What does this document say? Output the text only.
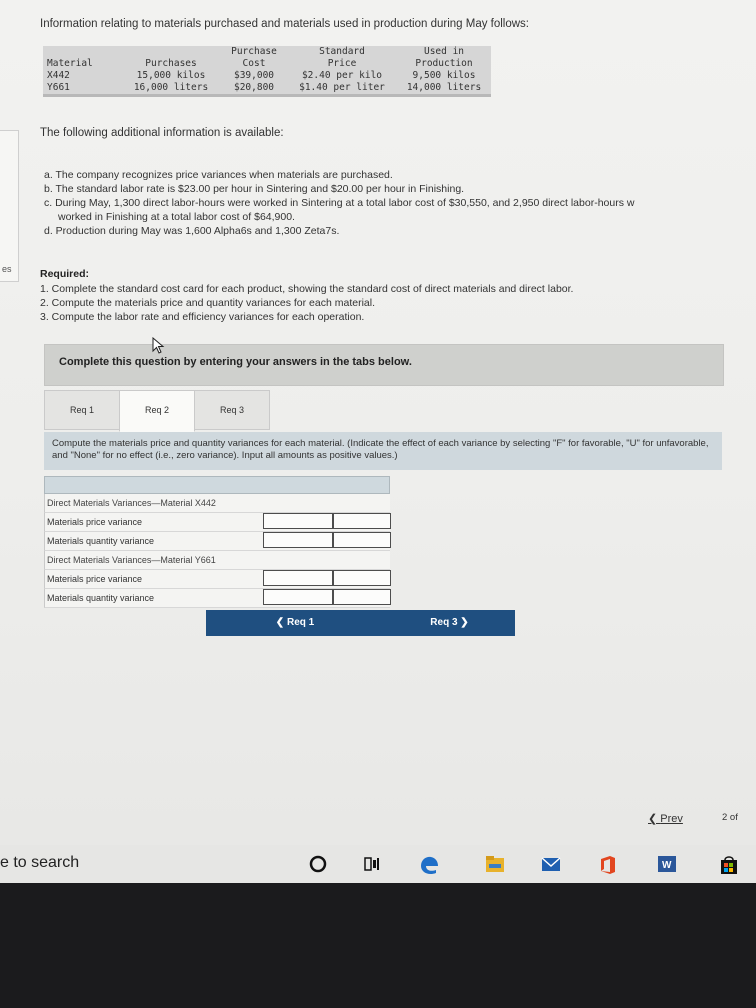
es
Information relating to materials purchased and materials used in production during May follows:
		Purchase	Standard	Used in
Material	Purchases	Cost	Price	Production
X442	15,000 kilos	$39,000	$2.40 per kilo	9,500 kilos
Y661	16,000 liters	$20,800	$1.40 per liter	14,000 liters
The following additional information is available:
a. The company recognizes price variances when materials are purchased.
b. The standard labor rate is $23.00 per hour in Sintering and $20.00 per hour in Finishing.
c. During May, 1,300 direct labor-hours were worked in Sintering at a total labor cost of $30,550, and 2,950 direct labor-hours w
worked in Finishing at a total labor cost of $64,900.
d. Production during May was 1,600 Alpha6s and 1,300 Zeta7s.
Required:
1. Complete the standard cost card for each product, showing the standard cost of direct materials and direct labor.
2. Compute the materials price and quantity variances for each material.
3. Compute the labor rate and efficiency variances for each operation.
Complete this question by entering your answers in the tabs below.
Req 1	Req 2	Req 3
Compute the materials price and quantity variances for each material. (Indicate the effect of each variance by selecting "F" for favorable, "U" for unfavorable, and "None" for no effect (i.e., zero variance). Input all amounts as positive values.)
Direct Materials Variances—Material X442
Materials price variance
Materials quantity variance
Direct Materials Variances—Material Y661
Materials price variance
Materials quantity variance
❮ Req 1	Req 3 ❯
❮ Prev	2 of
e to search	W
